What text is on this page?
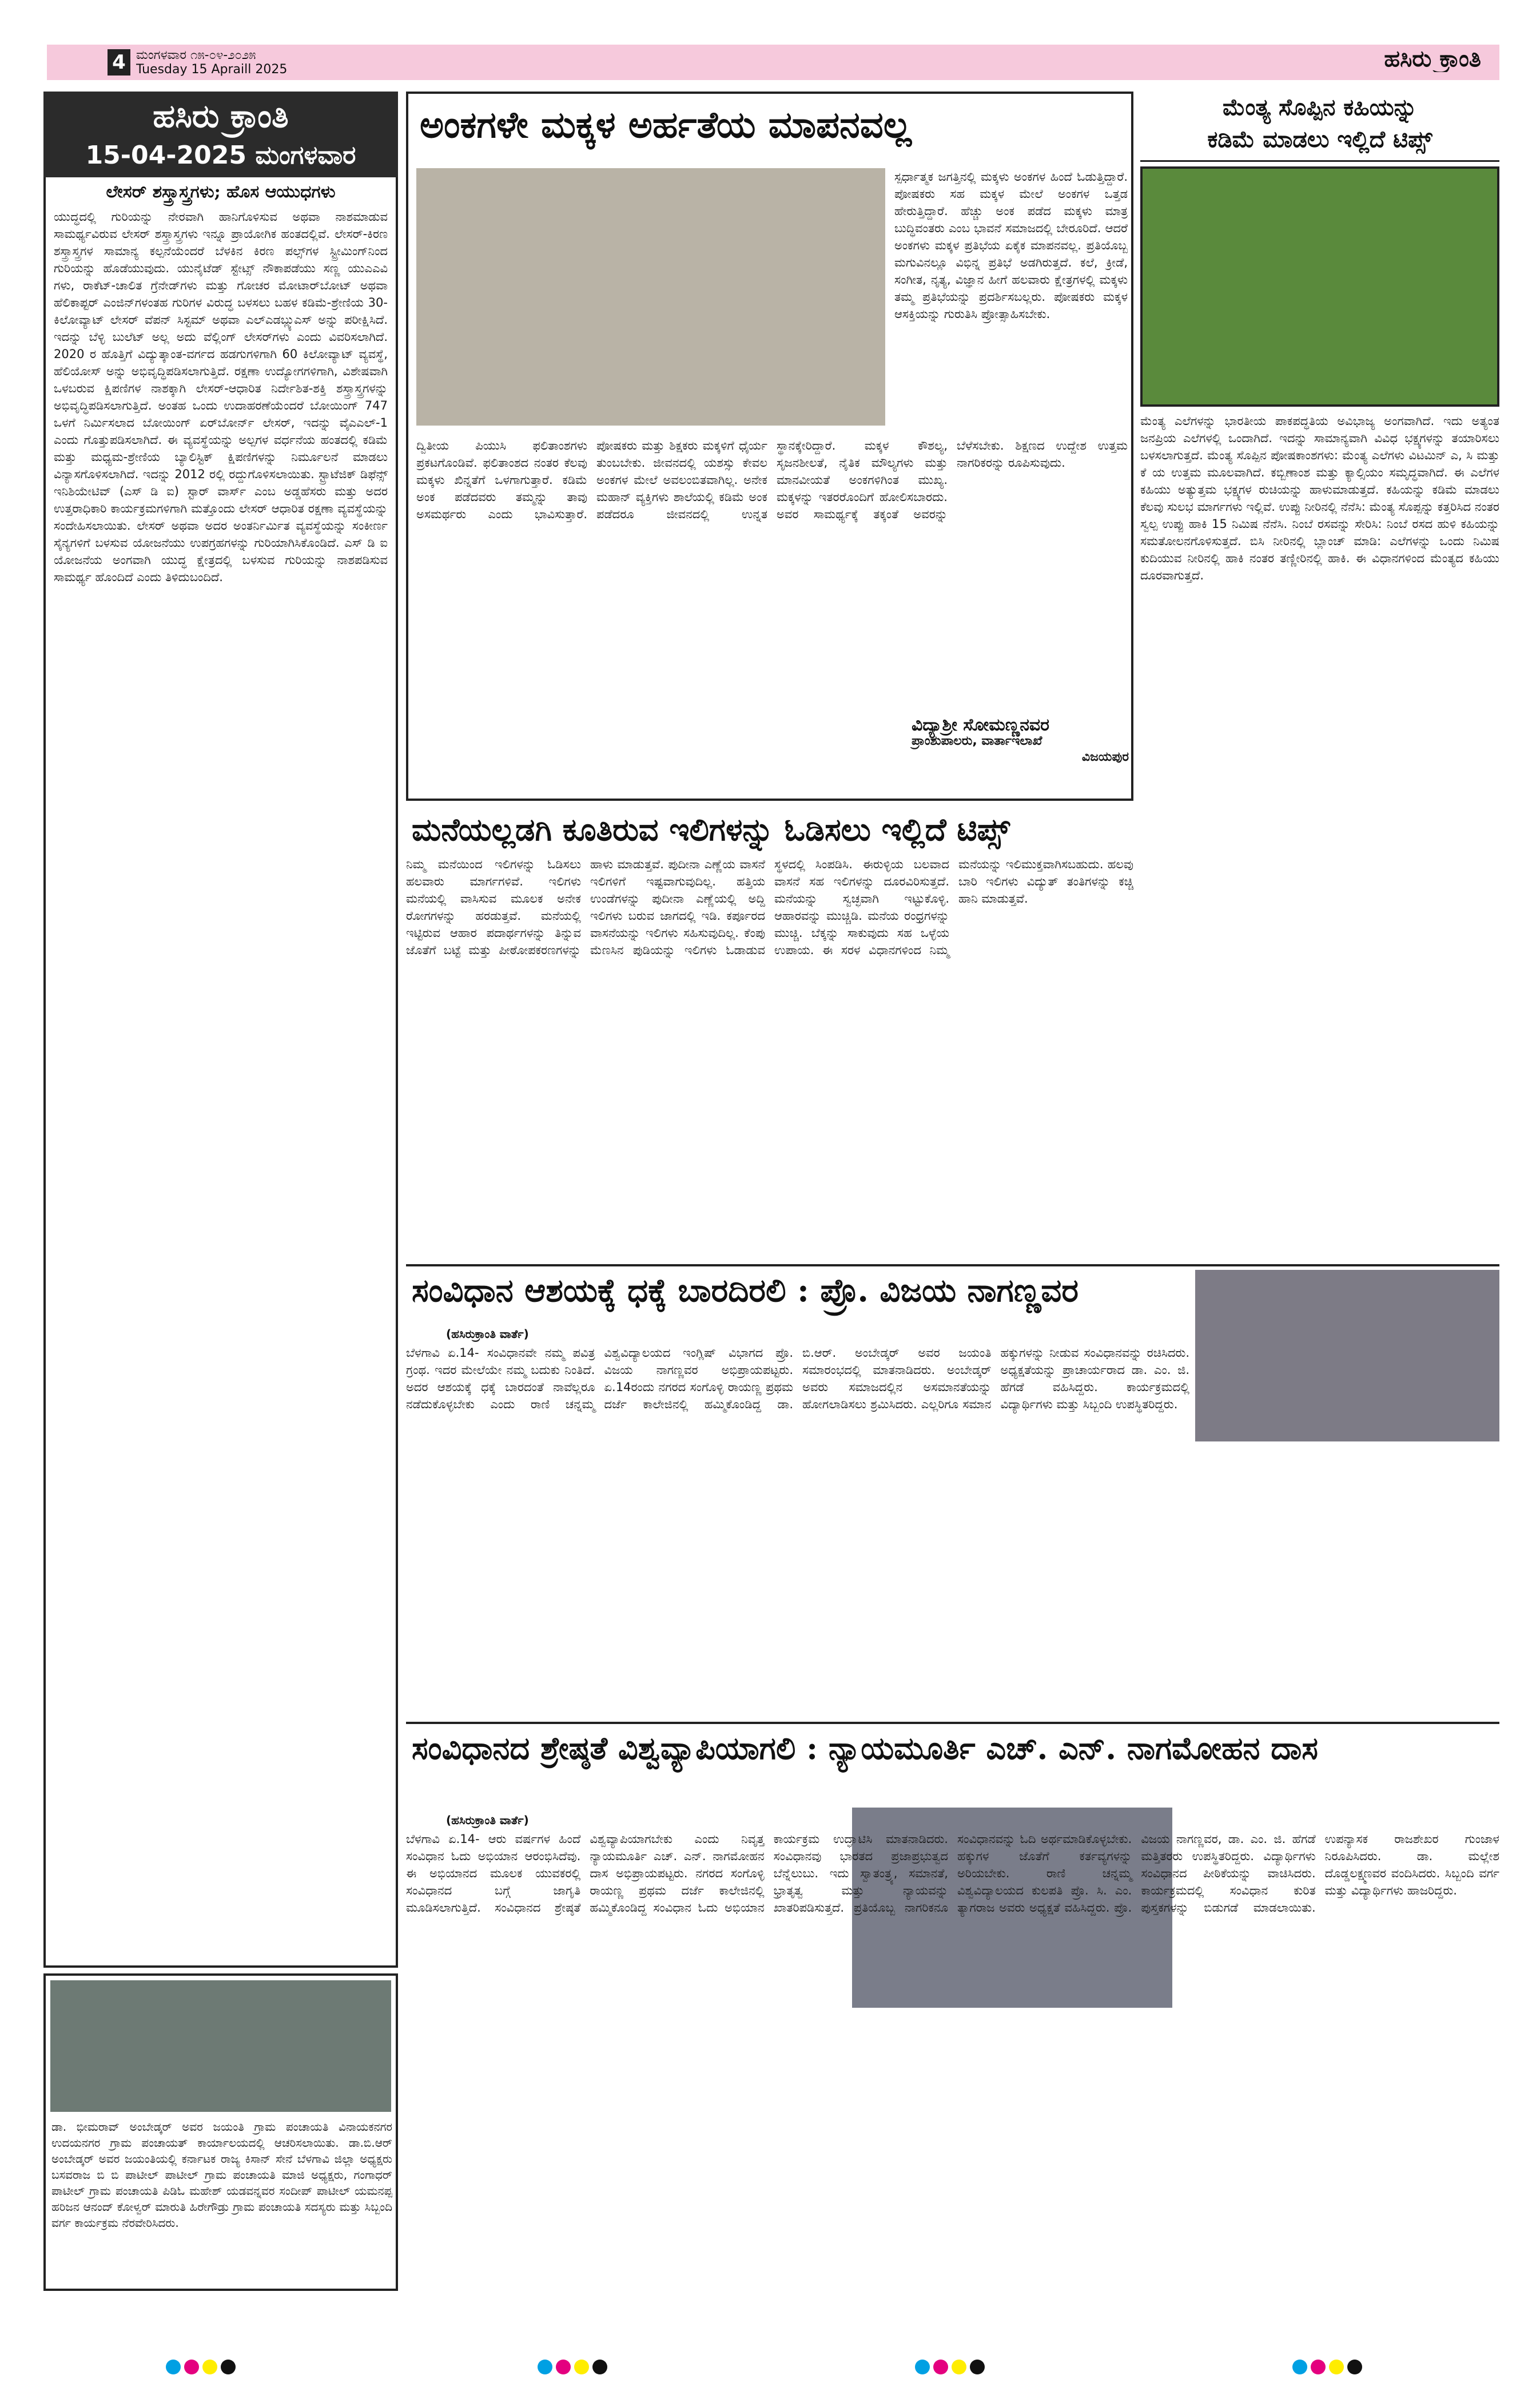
4 ಮಂಗಳವಾರ ೧೫-೦೪-೨೦೨೫
Tuesday 15 Apraill 2025	ಹಸಿರು ಕ್ರಾಂತಿ
ಹಸಿರು ಕ್ರಾಂತಿ
15-04-2025 ಮಂಗಳವಾರ
ಲೇಸರ್ ಶಸ್ತ್ರಾಸ್ತ್ರಗಳು; ಹೊಸ ಆಯುಧಗಳು
ಯುದ್ಧದಲ್ಲಿ ಗುರಿಯನ್ನು ನೇರವಾಗಿ ಹಾನಿಗೊಳಿಸುವ ಅಥವಾ ನಾಶಮಾಡುವ ಸಾಮರ್ಥ್ಯವಿರುವ ಲೇಸರ್ ಶಸ್ತ್ರಾಸ್ತ್ರಗಳು ಇನ್ನೂ ಪ್ರಾಯೋಗಿಕ ಹಂತದಲ್ಲಿವೆ. ಲೇಸರ್-ಕಿರಣ ಶಸ್ತ್ರಾಸ್ತ್ರಗಳ ಸಾಮಾನ್ಯ ಕಲ್ಪನೆಯೆಂದರೆ ಬೆಳಕಿನ ಕಿರಣ ಪಲ್ಸ್‌ಗಳ ಸ್ಟ್ರೀಮಿಂಗ್‌ನಿಂದ ಗುರಿಯನ್ನು ಹೊಡೆಯುವುದು. ಯುನೈಟೆಡ್ ಸ್ಟೇಟ್ಸ್ ನೌಕಾಪಡೆಯು ಸಣ್ಣ ಯುಎಎವಿ ಗಳು, ರಾಕೆಟ್-ಚಾಲಿತ ಗ್ರೆನೇಡ್‌ಗಳು ಮತ್ತು ಗೋಚರ ಮೋಟಾರ್‌ಬೋಟ್ ಅಥವಾ ಹೆಲಿಕಾಪ್ಟರ್ ಎಂಜಿನ್‌ಗಳಂತಹ ಗುರಿಗಳ ವಿರುದ್ಧ ಬಳಸಲು ಬಹಳ ಕಡಿಮೆ-ಶ್ರೇಣಿಯ 30-ಕಿಲೋವ್ಯಾಟ್ ಲೇಸರ್ ವೆಪನ್ ಸಿಸ್ಟಮ್ ಅಥವಾ ಎಲ್‌ಎಡಬ್ಲ್ಯುಎಸ್ ಅನ್ನು ಪರೀಕ್ಷಿಸಿದೆ. ಇದನ್ನು ಬೆಳ್ಳಿ ಬುಲೆಟ್‌ ಅಲ್ಲ ಅದು ವೆಲ್ಲಿಂಗ್ ಲೇಸರ್‌ಗಳು ಎಂದು ವಿವರಿಸಲಾಗಿದೆ. 2020 ರ ಹೊತ್ತಿಗೆ ವಿದ್ಯುತ್ಕಾಂತ-ವರ್ಗದ ಹಡಗುಗಳಿಗಾಗಿ 60 ಕಿಲೋವ್ಯಾಟ್ ವ್ಯವಸ್ಥೆ, ಹೆಲಿಯೋಸ್ ಅನ್ನು ಅಭಿವೃದ್ಧಿಪಡಿಸಲಾಗುತ್ತಿದೆ. ರಕ್ಷಣಾ ಉದ್ಯೋಗಗಳಿಗಾಗಿ, ವಿಶೇಷವಾಗಿ ಒಳಬರುವ ಕ್ಷಿಪಣಿಗಳ ನಾಶಕ್ಕಾಗಿ ಲೇಸರ್-ಆಧಾರಿತ ನಿರ್ದೇಶಿತ-ಶಕ್ತಿ ಶಸ್ತ್ರಾಸ್ತ್ರಗಳನ್ನು ಅಭಿವೃದ್ಧಿಪಡಿಸಲಾಗುತ್ತಿದೆ. ಅಂತಹ ಒಂದು ಉದಾಹರಣೆಯೆಂದರೆ ಬೋಯಿಂಗ್ 747 ಒಳಗೆ ನಿರ್ಮಿಸಲಾದ ಬೋಯಿಂಗ್ ಏರ್‌ಬೋರ್ನ್ ಲೇಸರ್, ಇದನ್ನು ವೈಎಎಲ್-1 ಎಂದು ಗೊತ್ತುಪಡಿಸಲಾಗಿದೆ. ಈ ವ್ಯವಸ್ಥೆಯನ್ನು ಅಲ್ಪಗಳ ವರ್ಧನೆಯ ಹಂತದಲ್ಲಿ ಕಡಿಮೆ ಮತ್ತು ಮಧ್ಯಮ-ಶ್ರೇಣಿಯ ಬ್ಯಾಲಿಸ್ಟಿಕ್ ಕ್ಷಿಪಣಿಗಳನ್ನು ನಿರ್ಮೂಲನೆ ಮಾಡಲು ವಿನ್ಯಾಸಗೊಳಿಸಲಾಗಿದೆ. ಇದನ್ನು 2012 ರಲ್ಲಿ ರದ್ದುಗೊಳಿಸಲಾಯಿತು. ಸ್ಟ್ರಾಟೆಜಿಕ್ ಡಿಫೆನ್ಸ್ ಇನಿಶಿಯೇಟಿವ್ (ಎಸ್ ಡಿ ಐ) ಸ್ಟಾರ್ ವಾರ್ಸ್ ಎಂಬ ಅಡ್ಡಹೆಸರು ಮತ್ತು ಅದರ ಉತ್ತರಾಧಿಕಾರಿ ಕಾರ್ಯಕ್ರಮಗಳಿಗಾಗಿ ಮತ್ತೊಂದು ಲೇಸರ್ ಆಧಾರಿತ ರಕ್ಷಣಾ ವ್ಯವಸ್ಥೆಯನ್ನು ಸಂದೇಹಿಸಲಾಯಿತು. ಲೇಸರ್ ಅಥವಾ ಅದರ ಅಂತರ್ನಿರ್ಮಿತ ವ್ಯವಸ್ಥೆಯನ್ನು ಸಂಕೀರ್ಣ ಸೈನ್ಯಗಳಿಗೆ ಬಳಸುವ ಯೋಜನೆಯು ಉಪಗ್ರಹಗಳನ್ನು ಗುರಿಯಾಗಿಸಿಕೊಂಡಿದೆ. ಎಸ್ ಡಿ ಐ ಯೋಜನೆಯ ಅಂಗವಾಗಿ ಯುದ್ಧ ಕ್ಷೇತ್ರದಲ್ಲಿ ಬಳಸುವ ಗುರಿಯನ್ನು ನಾಶಪಡಿಸುವ ಸಾಮರ್ಥ್ಯ ಹೊಂದಿದೆ ಎಂದು ತಿಳಿದುಬಂದಿದೆ.
ಡಾ. ಭೀಮರಾವ್ ಅಂಬೇಡ್ಕರ್ ಅವರ ಜಯಂತಿ ಗ್ರಾಮ ಪಂಚಾಯತಿ ವಿನಾಯಕನಗರ ಉದಯನಗರ ಗ್ರಾಮ ಪಂಚಾಯತ್ ಕಾರ್ಯಾಲಯದಲ್ಲಿ ಆಚರಿಸಲಾಯಿತು. ಡಾ.ಬಿ.ಆರ್ ಅಂಬೇಡ್ಕರ್ ಅವರ ಜಯಂತಿಯಲ್ಲಿ ಕರ್ನಾಟಕ ರಾಜ್ಯ ಕಿಸಾನ್ ಸೇನೆ ಬೆಳಗಾವಿ ಜಿಲ್ಲಾ ಅಧ್ಯಕ್ಷರು ಬಸವರಾಜ ಬಿ ಬಿ ಪಾಟೀಲ್ ಪಾಟೀಲ್ ಗ್ರಾಮ ಪಂಚಾಯತಿ ಮಾಜಿ ಅಧ್ಯಕ್ಷರು, ಗಂಗಾಧರ್ ಪಾಟೀಲ್ ಗ್ರಾಮ ಪಂಚಾಯತಿ ಪಿಡಿಓ ಮಹೇಶ್ ಯಡವನ್ನವರ ಸಂದೀಪ್ ಪಾಟೀಲ್ ಯಮನಪ್ಪ ಹರಿಜನ ಆನಂದ್ ಕೋಳ್ವರ್ ಮಾರುತಿ ಹಿರೇಗೌಡ್ರು ಗ್ರಾಮ ಪಂಚಾಯತಿ ಸದಸ್ಯರು ಮತ್ತು ಸಿಬ್ಬಂದಿ ವರ್ಗ ಕಾರ್ಯಕ್ರಮ ನೆರವೇರಿಸಿದರು.
ಅಂಕಗಳೇ ಮಕ್ಕಳ ಅರ್ಹತೆಯ ಮಾಪನವಲ್ಲ
ಸ್ಪರ್ಧಾತ್ಮಕ ಜಗತ್ತಿನಲ್ಲಿ ಮಕ್ಕಳು ಅಂಕಗಳ ಹಿಂದೆ ಓಡುತ್ತಿದ್ದಾರೆ. ಪೋಷಕರು ಸಹ ಮಕ್ಕಳ ಮೇಲೆ ಅಂಕಗಳ ಒತ್ತಡ ಹೇರುತ್ತಿದ್ದಾರೆ. ಹೆಚ್ಚು ಅಂಕ ಪಡೆದ ಮಕ್ಕಳು ಮಾತ್ರ ಬುದ್ಧಿವಂತರು ಎಂಬ ಭಾವನೆ ಸಮಾಜದಲ್ಲಿ ಬೇರೂರಿದೆ. ಆದರೆ ಅಂಕಗಳು ಮಕ್ಕಳ ಪ್ರತಿಭೆಯ ಏಕೈಕ ಮಾಪನವಲ್ಲ. ಪ್ರತಿಯೊಬ್ಬ ಮಗುವಿನಲ್ಲೂ ವಿಭಿನ್ನ ಪ್ರತಿಭೆ ಅಡಗಿರುತ್ತದೆ. ಕಲೆ, ಕ್ರೀಡೆ, ಸಂಗೀತ, ನೃತ್ಯ, ವಿಜ್ಞಾನ ಹೀಗೆ ಹಲವಾರು ಕ್ಷೇತ್ರಗಳಲ್ಲಿ ಮಕ್ಕಳು ತಮ್ಮ ಪ್ರತಿಭೆಯನ್ನು ಪ್ರದರ್ಶಿಸಬಲ್ಲರು. ಪೋಷಕರು ಮಕ್ಕಳ ಆಸಕ್ತಿಯನ್ನು ಗುರುತಿಸಿ ಪ್ರೋತ್ಸಾಹಿಸಬೇಕು.
ದ್ವಿತೀಯ ಪಿಯುಸಿ ಫಲಿತಾಂಶಗಳು ಪ್ರಕಟಗೊಂಡಿವೆ. ಫಲಿತಾಂಶದ ನಂತರ ಕೆಲವು ಮಕ್ಕಳು ಖಿನ್ನತೆಗೆ ಒಳಗಾಗುತ್ತಾರೆ. ಕಡಿಮೆ ಅಂಕ ಪಡೆದವರು ತಮ್ಮನ್ನು ತಾವು ಅಸಮರ್ಥರು ಎಂದು ಭಾವಿಸುತ್ತಾರೆ. ಪೋಷಕರು ಮತ್ತು ಶಿಕ್ಷಕರು ಮಕ್ಕಳಿಗೆ ಧೈರ್ಯ ತುಂಬಬೇಕು. ಜೀವನದಲ್ಲಿ ಯಶಸ್ಸು ಕೇವಲ ಅಂಕಗಳ ಮೇಲೆ ಅವಲಂಬಿತವಾಗಿಲ್ಲ. ಅನೇಕ ಮಹಾನ್ ವ್ಯಕ್ತಿಗಳು ಶಾಲೆಯಲ್ಲಿ ಕಡಿಮೆ ಅಂಕ ಪಡೆದರೂ ಜೀವನದಲ್ಲಿ ಉನ್ನತ ಸ್ಥಾನಕ್ಕೇರಿದ್ದಾರೆ. ಮಕ್ಕಳ ಕೌಶಲ್ಯ, ಸೃಜನಶೀಲತೆ, ನೈತಿಕ ಮೌಲ್ಯಗಳು ಮತ್ತು ಮಾನವೀಯತೆ ಅಂಕಗಳಿಗಿಂತ ಮುಖ್ಯ. ಮಕ್ಕಳನ್ನು ಇತರರೊಂದಿಗೆ ಹೋಲಿಸಬಾರದು. ಅವರ ಸಾಮರ್ಥ್ಯಕ್ಕೆ ತಕ್ಕಂತೆ ಅವರನ್ನು ಬೆಳೆಸಬೇಕು. ಶಿಕ್ಷಣದ ಉದ್ದೇಶ ಉತ್ತಮ ನಾಗರಿಕರನ್ನು ರೂಪಿಸುವುದು.
ವಿದ್ಯಾಶ್ರೀ ಸೋಮಣ್ಣನವರ
ಪ್ರಾಂಶುಪಾಲರು, ವಾರ್ತಾಇಲಾಖೆ
ವಿಜಯಪುರ
ಮೆಂತ್ಯ ಸೊಪ್ಪಿನ ಕಹಿಯನ್ನು
ಕಡಿಮೆ ಮಾಡಲು ಇಲ್ಲಿದೆ ಟಿಪ್ಸ್
ಮೆಂತ್ಯ ಎಲೆಗಳನ್ನು ಭಾರತೀಯ ಪಾಕಪದ್ಧತಿಯ ಅವಿಭಾಜ್ಯ ಅಂಗವಾಗಿದೆ. ಇದು ಅತ್ಯಂತ ಜನಪ್ರಿಯ ಎಲೆಗಳಲ್ಲಿ ಒಂದಾಗಿದೆ. ಇದನ್ನು ಸಾಮಾನ್ಯವಾಗಿ ವಿವಿಧ ಭಕ್ಷ್ಯಗಳನ್ನು ತಯಾರಿಸಲು ಬಳಸಲಾಗುತ್ತದೆ. ಮೆಂತ್ಯ ಸೊಪ್ಪಿನ ಪೋಷಕಾಂಶಗಳು: ಮೆಂತ್ಯ ಎಲೆಗಳು ವಿಟಮಿನ್ ಎ, ಸಿ ಮತ್ತು ಕೆ ಯ ಉತ್ತಮ ಮೂಲವಾಗಿದೆ. ಕಬ್ಬಿಣಾಂಶ ಮತ್ತು ಕ್ಯಾಲ್ಸಿಯಂ ಸಮೃದ್ಧವಾಗಿದೆ. ಈ ಎಲೆಗಳ ಕಹಿಯು ಅತ್ಯುತ್ತಮ ಭಕ್ಷ್ಯಗಳ ರುಚಿಯನ್ನು ಹಾಳುಮಾಡುತ್ತದೆ. ಕಹಿಯನ್ನು ಕಡಿಮೆ ಮಾಡಲು ಕೆಲವು ಸುಲಭ ಮಾರ್ಗಗಳು ಇಲ್ಲಿವೆ. ಉಪ್ಪು ನೀರಿನಲ್ಲಿ ನೆನೆಸಿ: ಮೆಂತ್ಯ ಸೊಪ್ಪನ್ನು ಕತ್ತರಿಸಿದ ನಂತರ ಸ್ವಲ್ಪ ಉಪ್ಪು ಹಾಕಿ 15 ನಿಮಿಷ ನೆನೆಸಿ. ನಿಂಬೆ ರಸವನ್ನು ಸೇರಿಸಿ: ನಿಂಬೆ ರಸದ ಹುಳಿ ಕಹಿಯನ್ನು ಸಮತೋಲನಗೊಳಿಸುತ್ತದೆ. ಬಿಸಿ ನೀರಿನಲ್ಲಿ ಬ್ಲಾಂಚ್ ಮಾಡಿ: ಎಲೆಗಳನ್ನು ಒಂದು ನಿಮಿಷ ಕುದಿಯುವ ನೀರಿನಲ್ಲಿ ಹಾಕಿ ನಂತರ ತಣ್ಣೀರಿನಲ್ಲಿ ಹಾಕಿ. ಈ ವಿಧಾನಗಳಿಂದ ಮೆಂತ್ಯದ ಕಹಿಯು ದೂರವಾಗುತ್ತದೆ.
ಮನೆಯಲ್ಲಡಗಿ ಕೂತಿರುವ ಇಲಿಗಳನ್ನು ಓಡಿಸಲು ಇಲ್ಲಿದೆ ಟಿಪ್ಸ್
ನಿಮ್ಮ ಮನೆಯಿಂದ ಇಲಿಗಳನ್ನು ಓಡಿಸಲು ಹಲವಾರು ಮಾರ್ಗಗಳಿವೆ. ಇಲಿಗಳು ಮನೆಯಲ್ಲಿ ವಾಸಿಸುವ ಮೂಲಕ ಅನೇಕ ರೋಗಗಳನ್ನು ಹರಡುತ್ತವೆ. ಮನೆಯಲ್ಲಿ ಇಟ್ಟಿರುವ ಆಹಾರ ಪದಾರ್ಥಗಳನ್ನು ತಿನ್ನುವ ಜೊತೆಗೆ ಬಟ್ಟೆ ಮತ್ತು ಪೀಠೋಪಕರಣಗಳನ್ನು ಹಾಳು ಮಾಡುತ್ತವೆ. ಪುದೀನಾ ಎಣ್ಣೆಯ ವಾಸನೆ ಇಲಿಗಳಿಗೆ ಇಷ್ಟವಾಗುವುದಿಲ್ಲ. ಹತ್ತಿಯ ಉಂಡೆಗಳನ್ನು ಪುದೀನಾ ಎಣ್ಣೆಯಲ್ಲಿ ಅದ್ದಿ ಇಲಿಗಳು ಬರುವ ಜಾಗದಲ್ಲಿ ಇಡಿ. ಕರ್ಪೂರದ ವಾಸನೆಯನ್ನು ಇಲಿಗಳು ಸಹಿಸುವುದಿಲ್ಲ. ಕೆಂಪು ಮೆಣಸಿನ ಪುಡಿಯನ್ನು ಇಲಿಗಳು ಓಡಾಡುವ ಸ್ಥಳದಲ್ಲಿ ಸಿಂಪಡಿಸಿ. ಈರುಳ್ಳಿಯ ಬಲವಾದ ವಾಸನೆ ಸಹ ಇಲಿಗಳನ್ನು ದೂರವಿರಿಸುತ್ತದೆ. ಮನೆಯನ್ನು ಸ್ವಚ್ಛವಾಗಿ ಇಟ್ಟುಕೊಳ್ಳಿ. ಆಹಾರವನ್ನು ಮುಚ್ಚಿಡಿ. ಮನೆಯ ರಂಧ್ರಗಳನ್ನು ಮುಚ್ಚಿ. ಬೆಕ್ಕನ್ನು ಸಾಕುವುದು ಸಹ ಒಳ್ಳೆಯ ಉಪಾಯ. ಈ ಸರಳ ವಿಧಾನಗಳಿಂದ ನಿಮ್ಮ ಮನೆಯನ್ನು ಇಲಿಮುಕ್ತವಾಗಿಸಬಹುದು. ಹಲವು ಬಾರಿ ಇಲಿಗಳು ವಿದ್ಯುತ್ ತಂತಿಗಳನ್ನು ಕಚ್ಚಿ ಹಾನಿ ಮಾಡುತ್ತವೆ.
ಸಂವಿಧಾನ ಆಶಯಕ್ಕೆ ಧಕ್ಕೆ ಬಾರದಿರಲಿ : ಪ್ರೊ. ವಿಜಯ ನಾಗಣ್ಣವರ
(ಹಸಿರುಕ್ರಾಂತಿ ವಾರ್ತೆ)
ಬೆಳಗಾವಿ ಏ.14- ಸಂವಿಧಾನವೇ ನಮ್ಮ ಪವಿತ್ರ ಗ್ರಂಥ. ಇದರ ಮೇಲೆಯೇ ನಮ್ಮ ಬದುಕು ನಿಂತಿದೆ. ಅದರ ಆಶಯಕ್ಕೆ ಧಕ್ಕೆ ಬಾರದಂತೆ ನಾವೆಲ್ಲರೂ ನಡೆದುಕೊಳ್ಳಬೇಕು ಎಂದು ರಾಣಿ ಚನ್ನಮ್ಮ ವಿಶ್ವವಿದ್ಯಾಲಯದ ಇಂಗ್ಲಿಷ್ ವಿಭಾಗದ ಪ್ರೊ. ವಿಜಯ ನಾಗಣ್ಣವರ ಅಭಿಪ್ರಾಯಪಟ್ಟರು. ಏ.14ರಂದು ನಗರದ ಸಂಗೊಳ್ಳಿ ರಾಯಣ್ಣ ಪ್ರಥಮ ದರ್ಜೆ ಕಾಲೇಜಿನಲ್ಲಿ ಹಮ್ಮಿಕೊಂಡಿದ್ದ ಡಾ. ಬಿ.ಆರ್. ಅಂಬೇಡ್ಕರ್ ಅವರ ಜಯಂತಿ ಸಮಾರಂಭದಲ್ಲಿ ಮಾತನಾಡಿದರು. ಅಂಬೇಡ್ಕರ್ ಅವರು ಸಮಾಜದಲ್ಲಿನ ಅಸಮಾನತೆಯನ್ನು ಹೋಗಲಾಡಿಸಲು ಶ್ರಮಿಸಿದರು. ಎಲ್ಲರಿಗೂ ಸಮಾನ ಹಕ್ಕುಗಳನ್ನು ನೀಡುವ ಸಂವಿಧಾನವನ್ನು ರಚಿಸಿದರು. ಅಧ್ಯಕ್ಷತೆಯನ್ನು ಪ್ರಾಚಾರ್ಯರಾದ ಡಾ. ಎಂ. ಜಿ. ಹೆಗಡೆ ವಹಿಸಿದ್ದರು. ಕಾರ್ಯಕ್ರಮದಲ್ಲಿ ವಿದ್ಯಾರ್ಥಿಗಳು ಮತ್ತು ಸಿಬ್ಬಂದಿ ಉಪಸ್ಥಿತರಿದ್ದರು.
ಸಂವಿಧಾನದ ಶ್ರೇಷ್ಠತೆ ವಿಶ್ವವ್ಯಾಪಿಯಾಗಲಿ : ನ್ಯಾಯಮೂರ್ತಿ ಎಚ್. ಎನ್. ನಾಗಮೋಹನ ದಾಸ
(ಹಸಿರುಕ್ರಾಂತಿ ವಾರ್ತೆ)
ಬೆಳಗಾವಿ ಏ.14- ಆರು ವರ್ಷಗಳ ಹಿಂದೆ ಸಂವಿಧಾನ ಓದು ಅಭಿಯಾನ ಆರಂಭಿಸಿದೆವು. ಈ ಅಭಿಯಾನದ ಮೂಲಕ ಯುವಕರಲ್ಲಿ ಸಂವಿಧಾನದ ಬಗ್ಗೆ ಜಾಗೃತಿ ಮೂಡಿಸಲಾಗುತ್ತಿದೆ. ಸಂವಿಧಾನದ ಶ್ರೇಷ್ಠತೆ ವಿಶ್ವವ್ಯಾಪಿಯಾಗಬೇಕು ಎಂದು ನಿವೃತ್ತ ನ್ಯಾಯಮೂರ್ತಿ ಎಚ್. ಎನ್. ನಾಗಮೋಹನ ದಾಸ ಅಭಿಪ್ರಾಯಪಟ್ಟರು. ನಗರದ ಸಂಗೊಳ್ಳಿ ರಾಯಣ್ಣ ಪ್ರಥಮ ದರ್ಜೆ ಕಾಲೇಜಿನಲ್ಲಿ ಹಮ್ಮಿಕೊಂಡಿದ್ದ ಸಂವಿಧಾನ ಓದು ಅಭಿಯಾನ ಕಾರ್ಯಕ್ರಮ ಉದ್ಘಾಟಿಸಿ ಮಾತನಾಡಿದರು. ಸಂವಿಧಾನವು ಭಾರತದ ಪ್ರಜಾಪ್ರಭುತ್ವದ ಬೆನ್ನೆಲುಬು. ಇದು ಸ್ವಾತಂತ್ರ್ಯ, ಸಮಾನತೆ, ಭ್ರಾತೃತ್ವ ಮತ್ತು ನ್ಯಾಯವನ್ನು ಖಾತರಿಪಡಿಸುತ್ತದೆ. ಪ್ರತಿಯೊಬ್ಬ ನಾಗರಿಕನೂ ಸಂವಿಧಾನವನ್ನು ಓದಿ ಅರ್ಥಮಾಡಿಕೊಳ್ಳಬೇಕು. ಹಕ್ಕುಗಳ ಜೊತೆಗೆ ಕರ್ತವ್ಯಗಳನ್ನು ಅರಿಯಬೇಕು. ರಾಣಿ ಚನ್ನಮ್ಮ ವಿಶ್ವವಿದ್ಯಾಲಯದ ಕುಲಪತಿ ಪ್ರೊ. ಸಿ. ಎಂ. ತ್ಯಾಗರಾಜ ಅವರು ಅಧ್ಯಕ್ಷತೆ ವಹಿಸಿದ್ದರು. ಪ್ರೊ. ವಿಜಯ ನಾಗಣ್ಣವರ, ಡಾ. ಎಂ. ಜಿ. ಹೆಗಡೆ ಮತ್ತಿತರರು ಉಪಸ್ಥಿತರಿದ್ದರು. ವಿದ್ಯಾರ್ಥಿಗಳು ಸಂವಿಧಾನದ ಪೀಠಿಕೆಯನ್ನು ವಾಚಿಸಿದರು. ಕಾರ್ಯಕ್ರಮದಲ್ಲಿ ಸಂವಿಧಾನ ಕುರಿತ ಪುಸ್ತಕಗಳನ್ನು ಬಿಡುಗಡೆ ಮಾಡಲಾಯಿತು. ಉಪನ್ಯಾಸಕ ರಾಜಶೇಖರ ಗುಂಜಾಳ ನಿರೂಪಿಸಿದರು. ಡಾ. ಮಲ್ಲೇಶ ದೊಡ್ಡಲಕ್ಷ್ಮಣವರ ವಂದಿಸಿದರು. ಸಿಬ್ಬಂದಿ ವರ್ಗ ಮತ್ತು ವಿದ್ಯಾರ್ಥಿಗಳು ಹಾಜರಿದ್ದರು.
